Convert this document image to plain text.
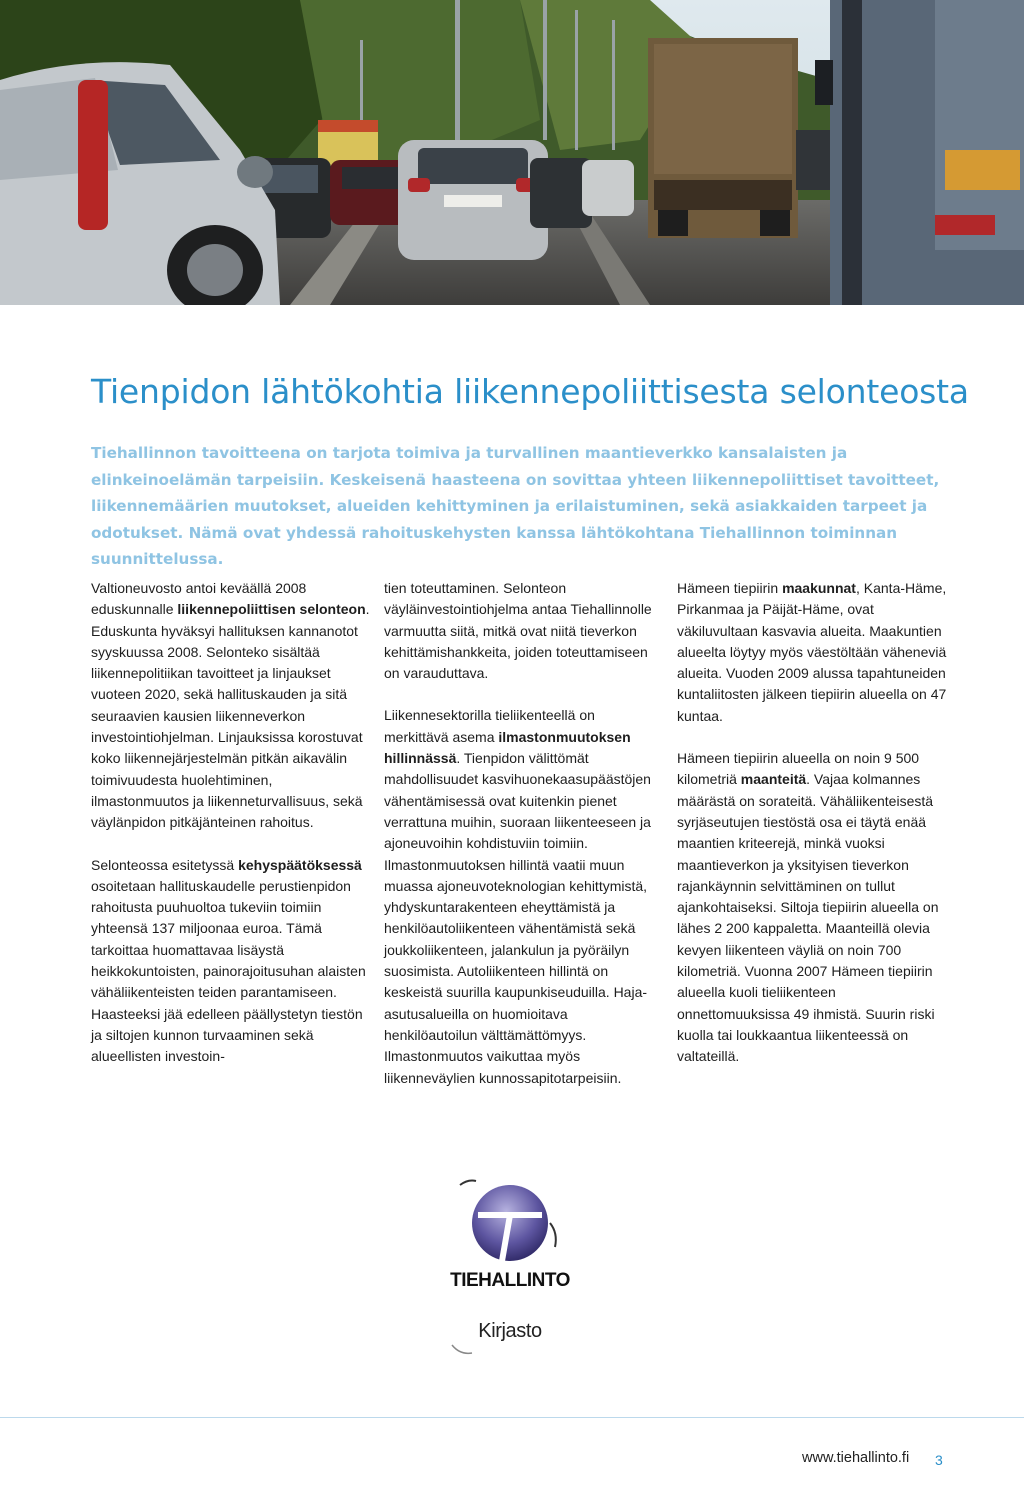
Tienpidon lähtökohtia liikennepoliittisesta selonteosta

Tiehallinnon tavoitteena on tarjota toimiva ja turvallinen maantieverkko kansalaisten ja elinkeinoelämän tarpeisiin. Keskeisenä haasteena on sovittaa yhteen liikennepoliittiset tavoitteet, liikennemäärien muutokset, alueiden kehittyminen ja erilaistuminen, sekä asiakkaiden tarpeet ja odotukset. Nämä ovat yhdessä rahoituskehysten kanssa lähtökohtana Tiehallinnon toiminnan suunnittelussa.

Valtioneuvosto antoi keväällä 2008 eduskunnalle liikennepoliittisen selonteon. Eduskunta hyväksyi hallituksen kannanotot syyskuussa 2008. Selonteko sisältää liikennepolitiikan tavoitteet ja linjaukset vuoteen 2020, sekä hallituskauden ja sitä seuraavien kausien liikenneverkon investointiohjelman. Linjauksissa korostuvat koko liikennejärjestelmän pitkän aikavälin toimivuudesta huolehtiminen, ilmastonmuutos ja liikenneturvallisuus, sekä väylänpidon pitkäjänteinen rahoitus.

Selonteossa esitetyssä kehyspäätöksessä osoitetaan hallituskaudelle perustienpidon rahoitusta puuhuoltoa tukeviin toimiin yhteensä 137 miljoonaa euroa. Tämä tarkoittaa huomattavaa lisäystä heikkokuntoisten, painorajoitusuhan alaisten vähäliikenteisten teiden parantamiseen. Haasteeksi jää edelleen päällystetyn tiestön ja siltojen kunnon turvaaminen sekä alueellisten investoin-

tien toteuttaminen. Selonteon väyläinvestointiohjelma antaa Tiehallinnolle varmuutta siitä, mitkä ovat niitä tieverkon kehittämishankkeita, joiden toteuttamiseen on varauduttava.

Liikennesektorilla tieliikenteellä on merkittävä asema ilmastonmuutoksen hillinnässä. Tienpidon välittömät mahdollisuudet kasvihuonekaasupäästöjen vähentämisessä ovat kuitenkin pienet verrattuna muihin, suoraan liikenteeseen ja ajoneuvoihin kohdistuviin toimiin. Ilmastonmuutoksen hillintä vaatii muun muassa ajoneuvoteknologian kehittymistä, yhdyskuntarakenteen eheyttämistä ja henkilöautoliikenteen vähentämistä sekä joukkoliikenteen, jalankulun ja pyöräilyn suosimista. Autoliikenteen hillintä on keskeistä suurilla kaupunkiseuduilla. Haja-asutusalueilla on huomioitava henkilöautoilun välttämättömyys. Ilmastonmuutos vaikuttaa myös liikenneväylien kunnossapitotarpeisiin.

Hämeen tiepiirin maakunnat, Kanta-Häme, Pirkanmaa ja Päijät-Häme, ovat väkiluvultaan kasvavia alueita. Maakuntien alueelta löytyy myös väestöltään väheneviä alueita. Vuoden 2009 alussa tapahtuneiden kuntaliitosten jälkeen tiepiirin alueella on 47 kuntaa.

Hämeen tiepiirin alueella on noin 9 500 kilometriä maanteitä. Vajaa kolmannes määrästä on sorateitä. Vähäliikenteisestä syrjäseutujen tiestöstä osa ei täytä enää maantien kriteerejä, minkä vuoksi maantieverkon ja yksityisen tieverkon rajankäynnin selvittäminen on tullut ajankohtaiseksi. Siltoja tiepiirin alueella on lähes 2 200 kappaletta. Maanteillä olevia kevyen liikenteen väyliä on noin 700 kilometriä. Vuonna 2007 Hämeen tiepiirin alueella kuoli tieliikenteen onnettomuuksissa 49 ihmistä. Suurin riski kuolla tai loukkaantua liikenteessä on valtateillä.

TIEHALLINTO
Kirjasto
www.tiehallinto.fi 3
